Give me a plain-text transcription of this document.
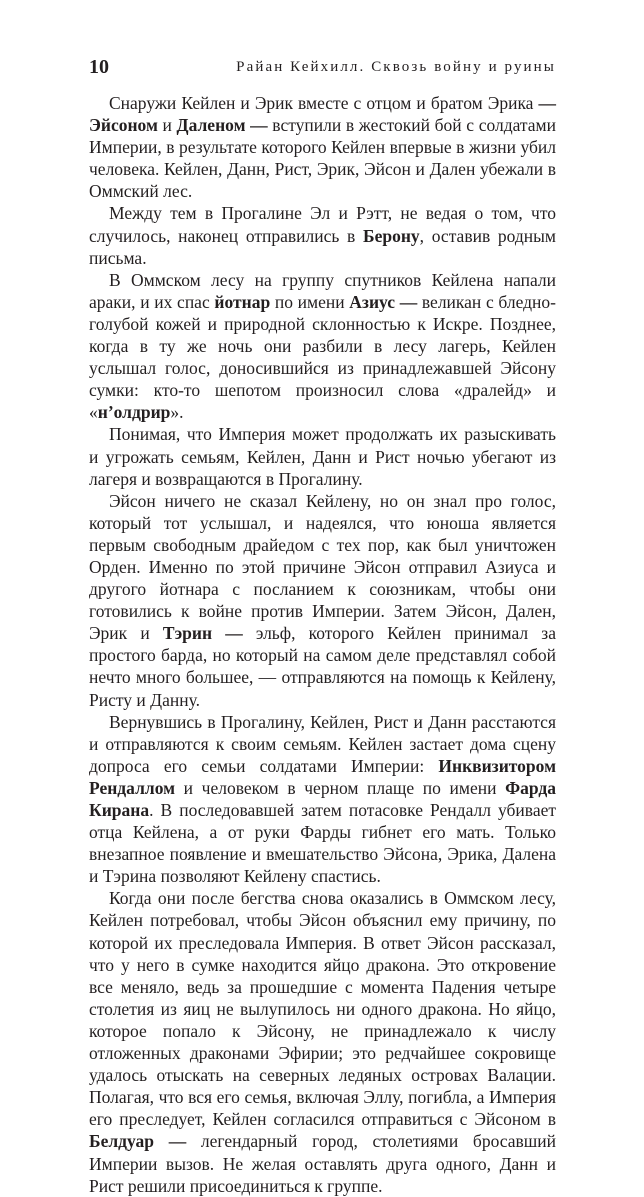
10	Райан Кейхилл. Сквозь войну и руины

Снаружи Кейлен и Эрик вместе с отцом и братом Эрика — Эйсоном и Даленом — вступили в жестокий бой с солдатами Империи, в результате которого Кейлен впервые в жизни убил человека. Кейлен, Данн, Рист, Эрик, Эйсон и Дален убежали в Оммский лес.

Между тем в Прогалине Эл и Рэтт, не ведая о том, что случилось, наконец отправились в Берону, оставив родным письма.

В Оммском лесу на группу спутников Кейлена напали араки, и их спас йотнар по имени Азиус — великан с бледно-голубой кожей и природной склонностью к Искре. Позднее, когда в ту же ночь они разбили в лесу лагерь, Кейлен услышал голос, доносившийся из принадлежавшей Эйсону сумки: кто-то шепотом произносил слова «дралейд» и «н’олдрир».

Понимая, что Империя может продолжать их разыскивать и угрожать семьям, Кейлен, Данн и Рист ночью убегают из лагеря и возвращаются в Прогалину.

Эйсон ничего не сказал Кейлену, но он знал про голос, который тот услышал, и надеялся, что юноша является первым свободным драйедом с тех пор, как был уничтожен Орден. Именно по этой причине Эйсон отправил Азиуса и другого йотнара с посланием к союзникам, чтобы они готовились к войне против Империи. Затем Эйсон, Дален, Эрик и Тэрин — эльф, которого Кейлен принимал за простого барда, но который на самом деле представлял собой нечто много большее, — отправляются на помощь к Кейлену, Ристу и Данну.

Вернувшись в Прогалину, Кейлен, Рист и Данн расстаются и отправляются к своим семьям. Кейлен застает дома сцену допроса его семьи солдатами Империи: Инквизитором Рендаллом и человеком в черном плаще по имени Фарда Кирана. В последовавшей затем потасовке Рендалл убивает отца Кейлена, а от руки Фарды гибнет его мать. Только внезапное появление и вмешательство Эйсона, Эрика, Далена и Тэрина позволяют Кейлену спастись.

Когда они после бегства снова оказались в Оммском лесу, Кейлен потребовал, чтобы Эйсон объяснил ему причину, по которой их преследовала Империя. В ответ Эйсон рассказал, что у него в сумке находится яйцо дракона. Это откровение все меняло, ведь за прошедшие с момента Падения четыре столетия из яиц не вылупилось ни одного дракона. Но яйцо, которое попало к Эйсону, не принадлежало к числу отложенных драконами Эфирии; это редчайшее сокровище удалось отыскать на северных ледяных островах Валации. Полагая, что вся его семья, включая Эллу, погибла, а Империя его преследует, Кейлен согласился отправиться с Эйсоном в Белдуар — легендарный город, столетиями бросавший Империи вызов. Не желая оставлять друга одного, Данн и Рист решили присоединиться к группе.
